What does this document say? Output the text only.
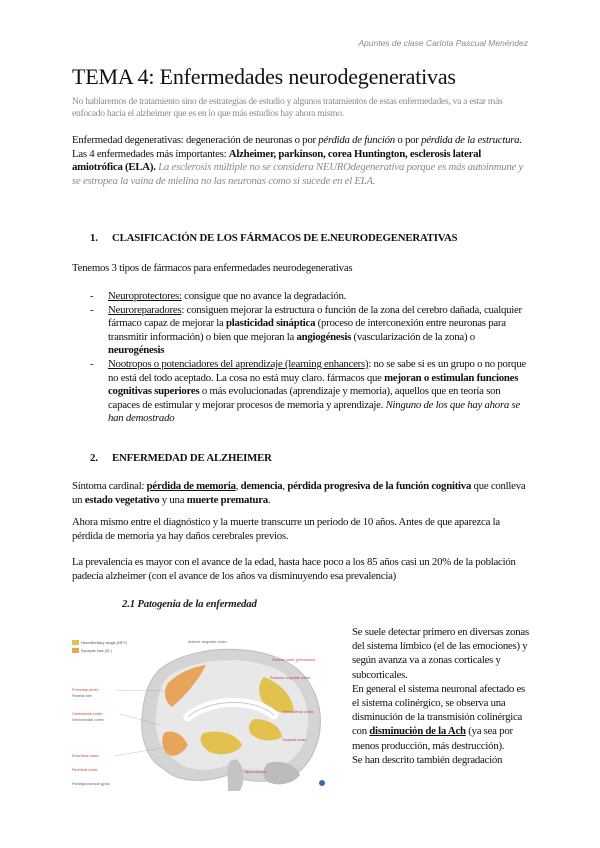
Apuntes de clase Carlota Pascual Menéndez
TEMA 4: Enfermedades neurodegenerativas

No hablaremos de tratamiento sino de estrategias de estudio y algunos tratamientos de estas enfermedades, va a estar más enfocado hacia el alzheimer que es en lo que más estudios hay ahora mismo.

Enfermedad degenerativas: degeneración de neuronas o por pérdida de función o por pérdida de la estructura.
Las 4 enfermedades más importantes: Alzheimer, parkinson, corea Huntington, esclerosis lateral amiotrófica (ELA). La esclerosis múltiple no se considera NEUROdegenerativa porque es más autoinmune y se estropea la vaina de mielina no las neuronas como si sucede en el ELA.

1. CLASIFICACIÓN DE LOS FÁRMACOS DE E.NEURODEGENERATIVAS

Tenemos 3 tipos de fármacos para enfermedades neurodegenerativas

- Neuroprotectores: consigue que no avance la degradación.
- Neuroreparadores: consiguen mejorar la estructura o función de la zona del cerebro dañada, cualquier fármaco capaz de mejorar la plasticidad sináptica (proceso de interconexión entre neuronas para transmitir información) o bien que mejoran la angiogénesis (vascularización de la zona) o neurogénesis
- Nootropos o potenciadores del aprendizaje (learning enhancers): no se sabe si es un grupo o no porque no está del todo aceptado. La cosa no está muy claro. fármacos que mejoran o estimulan funciones cognitivas superiores o más evolucionadas (aprendizaje y memoria), aquellos que en teoría son capaces de estimular y mejorar procesos de memoria y aprendizaje. Ninguno de los que hay ahora se han demostrado
2. ENFERMEDAD DE ALZHEIMER

Síntoma cardinal: pérdida de memoria, demencia, pérdida progresiva de la función cognitiva que conlleva un estado vegetativo y una muerte prematura.

Ahora mismo entre el diagnóstico y la muerte transcurre un periodo de 10 años. Antes de que aparezca la pérdida de memoria ya hay daños cerebrales previos.

La prevalencia es mayor con el avance de la edad, hasta hace poco a los 85 años casi un 20% de la población padecía alzheimer (con el avance de los años va disminuyendo esa prevalencia)

2.1 Patogenia de la enfermedad
Neurofibrillary tangle (NFT)
Synapse loss (SL)
Prefrontal cortex
Parietal lobe
Orbitofrontal cortex
Ventromedial cortex
Entorhinal cortex
Perirhinal cortex
Parahippocampal gyrus
Anterior cingulate cortex
Parietal cortex (precuneus)
Posterior cingulate cortex
Retrosplenial cortex
Occipital cortex
Hippocampus

Se suele detectar primero en diversas zonas del sistema límbico (el de las emociones) y según avanza va a zonas corticales y subcorticales.
En general el sistema neuronal afectado es el sistema colinérgico, se observa una disminución de la transmisión colinérgica con disminución de la Ach (ya sea por menos producción, más destrucción).
Se han descrito también degradación
